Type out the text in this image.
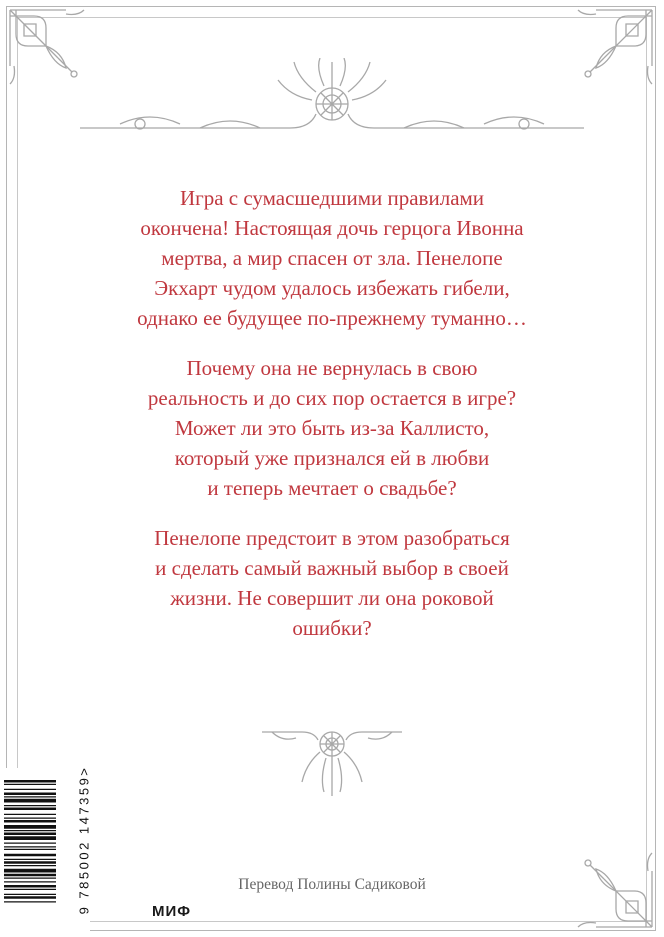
Игра с сумасшедшими правилами
окончена! Настоящая дочь герцога Ивонна
мертва, а мир спасен от зла. Пенелопе
Экхарт чудом удалось избежать гибели,
однако ее будущее по-прежнему туманно…

Почему она не вернулась в свою
реальность и до сих пор остается в игре?
Может ли это быть из-за Каллисто,
который уже признался ей в любви
и теперь мечтает о свадьбе?

Пенелопе предстоит в этом разобраться
и сделать самый важный выбор в своей
жизни. Не совершит ли она роковой
ошибки?

Перевод Полины Садиковой
МИФ
9 785002 147359>
